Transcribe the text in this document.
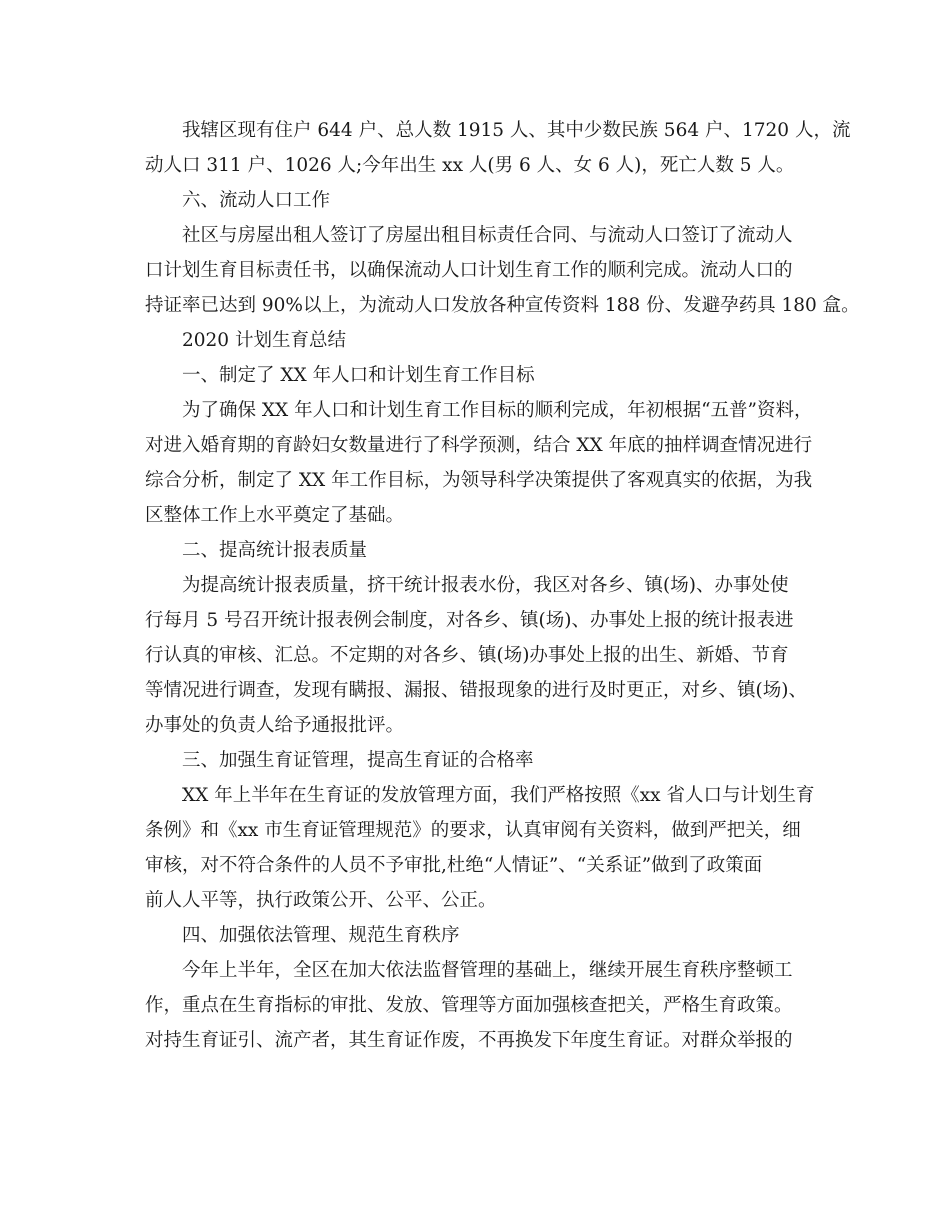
我辖区现有住户 644 户、总人数 1915 人、其中少数民族 564 户、1720 人，流
动人口 311 户、1026 人;今年出生 xx 人(男 6 人、女 6 人)，死亡人数 5 人。
六、流动人口工作
社区与房屋出租人签订了房屋出租目标责任合同、与流动人口签订了流动人
口计划生育目标责任书，以确保流动人口计划生育工作的顺利完成。流动人口的
持证率已达到 90%以上，为流动人口发放各种宣传资料 188 份、发避孕药具 180 盒。
2020 计划生育总结
一、制定了 XX 年人口和计划生育工作目标
为了确保 XX 年人口和计划生育工作目标的顺利完成，年初根据“五普”资料，
对进入婚育期的育龄妇女数量进行了科学预测，结合 XX 年底的抽样调查情况进行
综合分析，制定了 XX 年工作目标，为领导科学决策提供了客观真实的依据，为我
区整体工作上水平奠定了基础。
二、提高统计报表质量
为提高统计报表质量，挤干统计报表水份，我区对各乡、镇(场)、办事处使
行每月 5 号召开统计报表例会制度，对各乡、镇(场)、办事处上报的统计报表进
行认真的审核、汇总。不定期的对各乡、镇(场)办事处上报的出生、新婚、节育
等情况进行调查，发现有瞒报、漏报、错报现象的进行及时更正，对乡、镇(场)、
办事处的负责人给予通报批评。
三、加强生育证管理，提高生育证的合格率
XX 年上半年在生育证的发放管理方面，我们严格按照《xx 省人口与计划生育
条例》和《xx 市生育证管理规范》的要求，认真审阅有关资料，做到严把关，细
审核，对不符合条件的人员不予审批,杜绝“人情证”、“关系证”做到了政策面
前人人平等，执行政策公开、公平、公正。
四、加强依法管理、规范生育秩序
今年上半年，全区在加大依法监督管理的基础上，继续开展生育秩序整顿工
作，重点在生育指标的审批、发放、管理等方面加强核查把关，严格生育政策。
对持生育证引、流产者，其生育证作废，不再换发下年度生育证。对群众举报的
